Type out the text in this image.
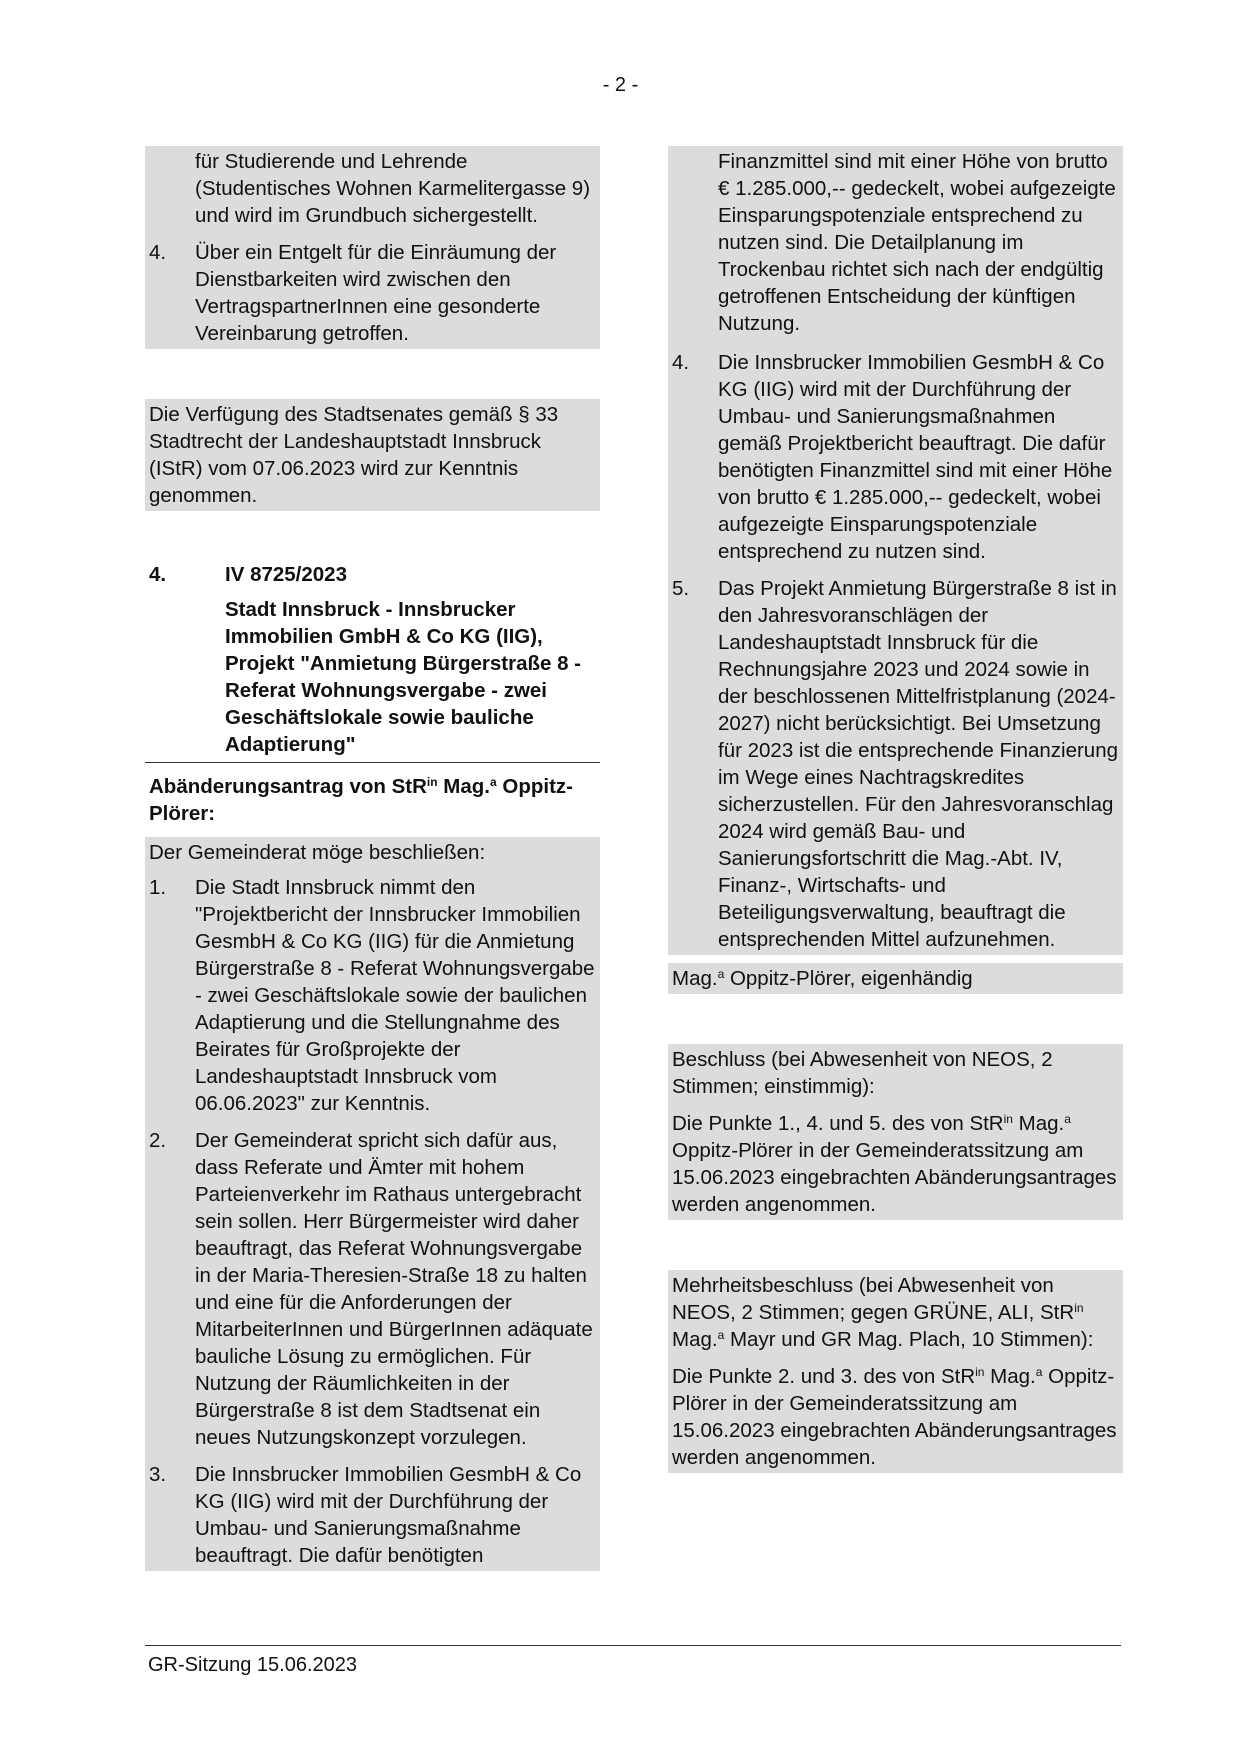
- 2 -
für Studierende und Lehrende (Studentisches Wohnen Karmelitergasse 9) und wird im Grundbuch sichergestellt.
4.	Über ein Entgelt für die Einräumung der Dienstbarkeiten wird zwischen den VertragspartnerInnen eine gesonderte Vereinbarung getroffen.
Die Verfügung des Stadtsenates gemäß § 33 Stadtrecht der Landeshauptstadt Innsbruck (IStR) vom 07.06.2023 wird zur Kenntnis genommen.
4.	IV 8725/2023
Stadt Innsbruck - Innsbrucker Immobilien GmbH & Co KG (IIG), Projekt "Anmietung Bürgerstraße 8 - Referat Wohnungsvergabe - zwei Geschäftslokale sowie bauliche Adaptierung"
Abänderungsantrag von StR$^{in}$ Mag.$^a$ Oppitz-Plörer:
Der Gemeinderat möge beschließen:
1.	Die Stadt Innsbruck nimmt den "Projektbericht der Innsbrucker Immobilien GesmbH & Co KG (IIG) für die Anmietung Bürgerstraße 8 - Referat Wohnungsvergabe - zwei Geschäftslokale sowie der baulichen Adaptierung und die Stellungnahme des Beirates für Großprojekte der Landeshauptstadt Innsbruck vom 06.06.2023" zur Kenntnis.
2.	Der Gemeinderat spricht sich dafür aus, dass Referate und Ämter mit hohem Parteienverkehr im Rathaus untergebracht sein sollen. Herr Bürgermeister wird daher beauftragt, das Referat Wohnungsvergabe in der Maria-Theresien-Straße 18 zu halten und eine für die Anforderungen der MitarbeiterInnen und BürgerInnen adäquate bauliche Lösung zu ermöglichen. Für Nutzung der Räumlichkeiten in der Bürgerstraße 8 ist dem Stadtsenat ein neues Nutzungskonzept vorzulegen.
3.	Die Innsbrucker Immobilien GesmbH & Co KG (IIG) wird mit der Durchführung der Umbau- und Sanierungsmaßnahme beauftragt. Die dafür benötigten
Finanzmittel sind mit einer Höhe von brutto € 1.285.000,-- gedeckelt, wobei aufgezeigte Einsparungspotenziale entsprechend zu nutzen sind. Die Detailplanung im Trockenbau richtet sich nach der endgültig getroffenen Entscheidung der künftigen Nutzung.
4.	Die Innsbrucker Immobilien GesmbH & Co KG (IIG) wird mit der Durchführung der Umbau- und Sanierungsmaßnahmen gemäß Projektbericht beauftragt. Die dafür benötigten Finanzmittel sind mit einer Höhe von brutto € 1.285.000,-- gedeckelt, wobei aufgezeigte Einsparungspotenziale entsprechend zu nutzen sind.
5.	Das Projekt Anmietung Bürgerstraße 8 ist in den Jahresvoranschlägen der Landeshauptstadt Innsbruck für die Rechnungsjahre 2023 und 2024 sowie in der beschlossenen Mittelfristplanung (2024-2027) nicht berücksichtigt. Bei Umsetzung für 2023 ist die entsprechende Finanzierung im Wege eines Nachtragskredites sicherzustellen. Für den Jahresvoranschlag 2024 wird gemäß Bau- und Sanierungsfortschritt die Mag.-Abt. IV, Finanz-, Wirtschafts- und Beteiligungsverwaltung, beauftragt die entsprechenden Mittel aufzunehmen.
Mag.$^a$ Oppitz-Plörer, eigenhändig
Beschluss (bei Abwesenheit von NEOS, 2 Stimmen; einstimmig):
Die Punkte 1., 4. und 5. des von StR$^{in}$ Mag.$^a$ Oppitz-Plörer in der Gemeinderatssitzung am 15.06.2023 eingebrachten Abänderungsantrages werden angenommen.
Mehrheitsbeschluss (bei Abwesenheit von NEOS, 2 Stimmen; gegen GRÜNE, ALI, StR$^{in}$ Mag.$^a$ Mayr und GR Mag. Plach, 10 Stimmen):
Die Punkte 2. und 3. des von StR$^{in}$ Mag.$^a$ Oppitz-Plörer in der Gemeinderatssitzung am 15.06.2023 eingebrachten Abänderungsantrages werden angenommen.
GR-Sitzung 15.06.2023
